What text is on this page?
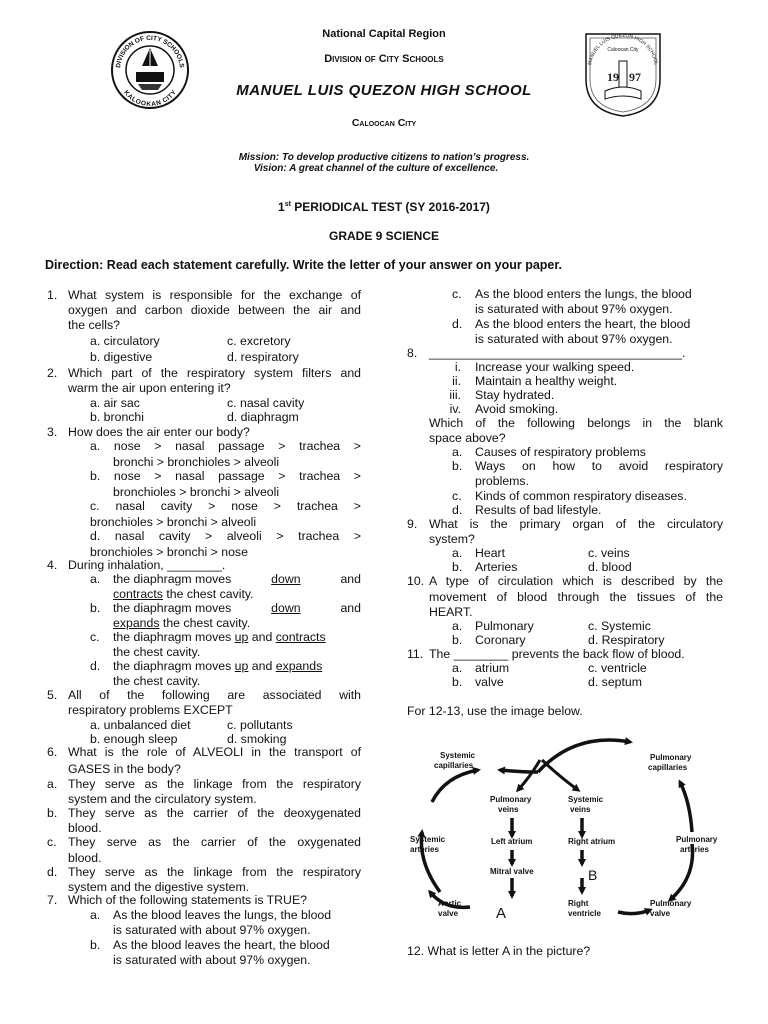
National Capital Region
Division of City Schools
MANUEL LUIS QUEZON HIGH SCHOOL
Caloocan City
Mission: To develop productive citizens to nation’s progress.
Vision: A great channel of the culture of excellence.
1st PERIODICAL TEST (SY 2016-2017)
GRADE 9 SCIENCE
Direction: Read each statement carefully. Write the letter of your answer on your paper.
DIVISION OF CITY SCHOOLS
KALOOKAN CITY
MANUEL LUIS QUEZON HIGH SCHOOL
Caloocan City
19 97
1. What system is responsible for the exchange of
oxygen and carbon dioxide between the air and
the cells?
a. circulatory	c. excretory
b. digestive	d. respiratory
2. Which part of the respiratory system filters and
warm the air upon entering it?
a. air sac	c. nasal cavity
b. bronchi	d. diaphragm
3. How does the air enter our body?
a. nose > nasal passage > trachea >
bronchi > bronchioles > alveoli
b. nose > nasal passage > trachea >
bronchioles > bronchi > alveoli
c. nasal cavity > nose > trachea >
bronchioles > bronchi > alveoli
d. nasal cavity > alveoli > trachea >
bronchioles > bronchi > nose
4. During inhalation, ________.
a. the diaphragm moves	down	and
contracts the chest cavity.
b. the diaphragm moves	down	and
expands the chest cavity.
c. the diaphragm moves up and contracts
the chest cavity.
d. the diaphragm moves up and expands
the chest cavity.
5. All of the following are associated with
respiratory problems EXCEPT
a. unbalanced diet	c. pollutants
b. enough sleep	d. smoking
6. What is the role of ALVEOLI in the transport of
GASES in the body?
a. They serve as the linkage from the respiratory
system and the circulatory system.
b. They serve as the carrier of the deoxygenated
blood.
c. They serve as the carrier of the oxygenated
blood.
d. They serve as the linkage from the respiratory
system and the digestive system.
7. Which of the following statements is TRUE?
a. As the blood leaves the lungs, the blood
is saturated with about 97% oxygen.
b. As the blood leaves the heart, the blood
is saturated with about 97% oxygen.
c. As the blood enters the lungs, the blood
is saturated with about 97% oxygen.
d. As the blood enters the heart, the blood
is saturated with about 97% oxygen.
8. _____________________________________.
i. Increase your walking speed.
ii. Maintain a healthy weight.
iii. Stay hydrated.
iv. Avoid smoking.
Which of the following belongs in the blank
space above?
a. Causes of respiratory problems
b. Ways on how to avoid respiratory
problems.
c. Kinds of common respiratory diseases.
d. Results of bad lifestyle.
9. What is the primary organ of the circulatory
system?
a. Heart	c. veins
b. Arteries	d. blood
10. A type of circulation which is described by the
movement of blood through the tissues of the
HEART.
a. Pulmonary	c. Systemic
b. Coronary	d. Respiratory
11. The ________ prevents the back flow of blood.
a. atrium	c. ventricle
b. valve	d. septum
For 12-13, use the image below.
12. What is letter A in the picture?
Systemic
capillaries
Pulmonary
capillaries
Pulmonary
veins
Systemic
veins
Left atrium	Right atrium
Systemic
arteries
Pulmonary
arteries
Mitral valve
Aortic
valve
Right
ventricle
Pulmonary
valve
A
B
